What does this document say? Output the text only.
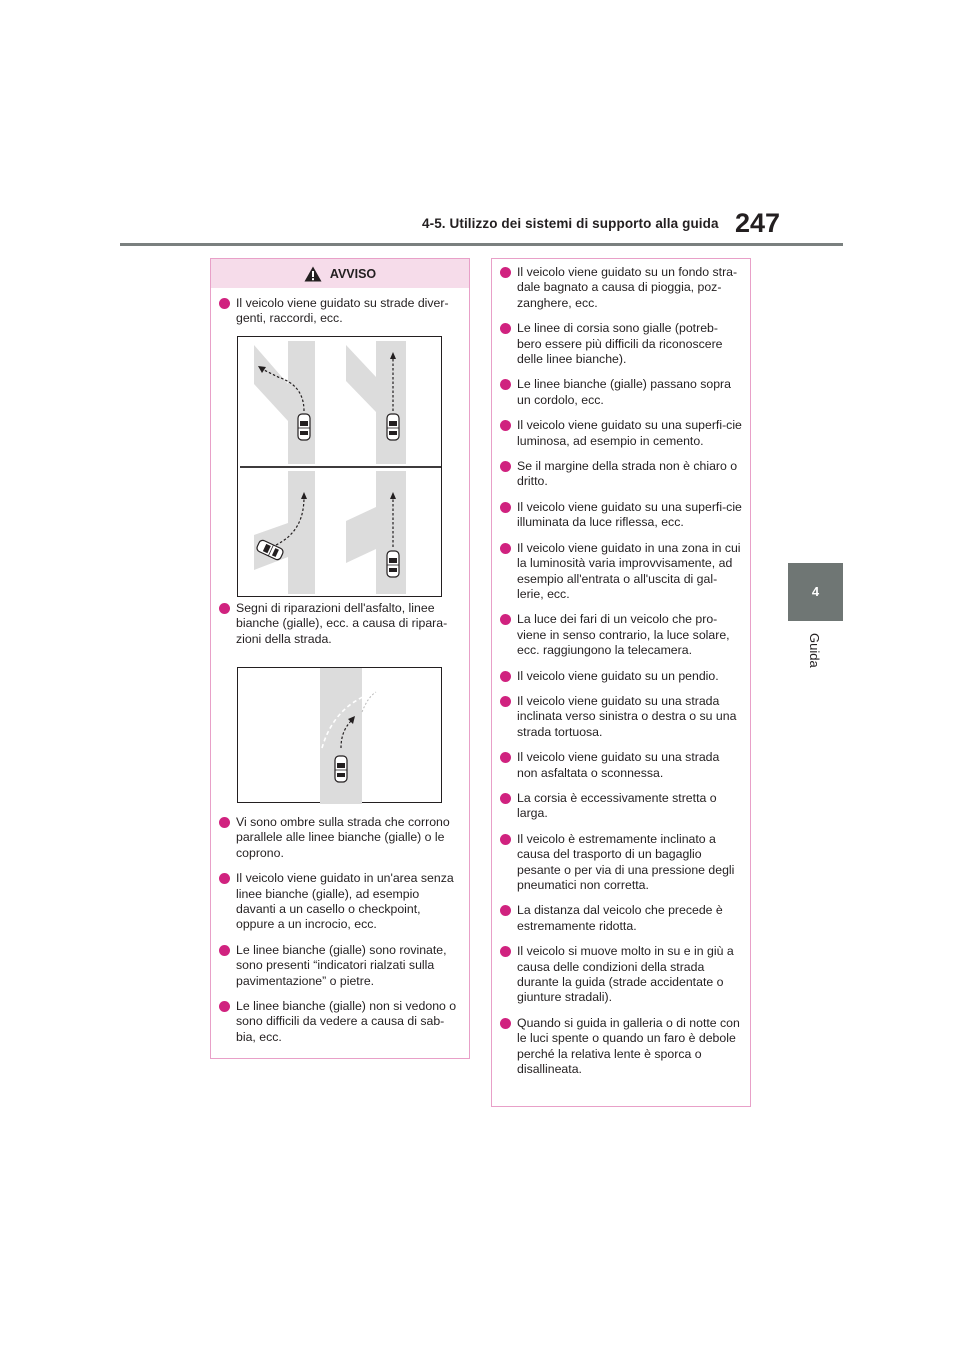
4-5. Utilizzo dei sistemi di supporto alla guida 247
4
Guida
AVVISO
Il veicolo viene guidato su strade diver-genti, raccordi, ecc.
Segni di riparazioni dell'asfalto, linee bianche (gialle), ecc. a causa di ripara-zioni della strada.
Vi sono ombre sulla strada che corrono parallele alle linee bianche (gialle) o le coprono.
Il veicolo viene guidato in un'area senza linee bianche (gialle), ad esempio davanti a un casello o checkpoint, oppure a un incrocio, ecc.
Le linee bianche (gialle) sono rovinate, sono presenti “indicatori rialzati sulla pavimentazione” o pietre.
Le linee bianche (gialle) non si vedono o sono difficili da vedere a causa di sab-bia, ecc.
Il veicolo viene guidato su un fondo stra-dale bagnato a causa di pioggia, poz-zanghere, ecc.
Le linee di corsia sono gialle (potreb-bero essere più difficili da riconoscere delle linee bianche).
Le linee bianche (gialle) passano sopra un cordolo, ecc.
Il veicolo viene guidato su una superfi-cie luminosa, ad esempio in cemento.
Se il margine della strada non è chiaro o dritto.
Il veicolo viene guidato su una superfi-cie illuminata da luce riflessa, ecc.
Il veicolo viene guidato in una zona in cui la luminosità varia improvvisamente, ad esempio all'entrata o all'uscita di gal-lerie, ecc.
La luce dei fari di un veicolo che pro-viene in senso contrario, la luce solare, ecc. raggiungono la telecamera.
Il veicolo viene guidato su un pendio.
Il veicolo viene guidato su una strada inclinata verso sinistra o destra o su una strada tortuosa.
Il veicolo viene guidato su una strada non asfaltata o sconnessa.
La corsia è eccessivamente stretta o larga.
Il veicolo è estremamente inclinato a causa del trasporto di un bagaglio pesante o per via di una pressione degli pneumatici non corretta.
La distanza dal veicolo che precede è estremamente ridotta.
Il veicolo si muove molto in su e in giù a causa delle condizioni della strada durante la guida (strade accidentate o giunture stradali).
Quando si guida in galleria o di notte con le luci spente o quando un faro è debole perché la relativa lente è sporca o disallineata.
